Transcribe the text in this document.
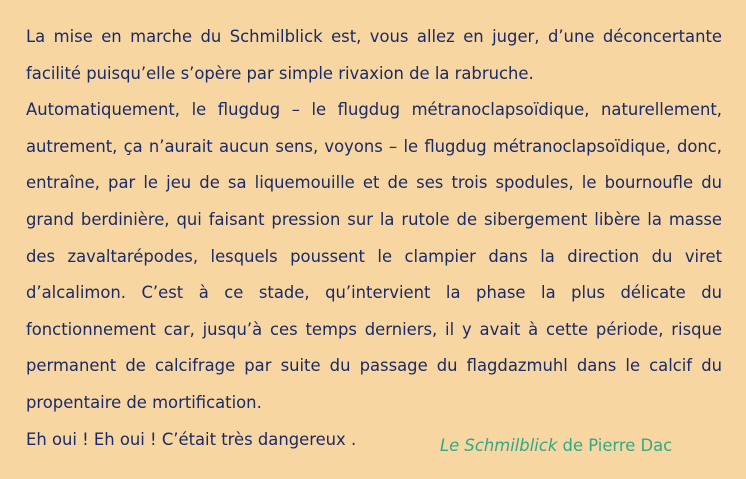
La mise en marche du Schmilblick est, vous allez en juger, d’une déconcertante facilité puisqu’elle s’opère par simple rivaxion de la rabruche.

Automatiquement, le flugdug – le flugdug métranoclapsoïdique, naturellement, autrement, ça n’aurait aucun sens, voyons – le flugdug métranoclapsoïdique, donc, entraîne, par le jeu de sa liquemouille et de ses trois spodules, le bournoufle du grand berdinière, qui faisant pression sur la rutole de sibergement libère la masse des zavaltarépodes, lesquels poussent le clampier dans la direction du viret d’alcalimon. C’est à ce stade, qu’intervient la phase la plus délicate du fonctionnement car, jusqu’à ces temps derniers, il y avait à cette période, risque permanent de calcifrage par suite du passage du flagdazmuhl dans le calcif du propentaire de mortification.

Eh oui ! Eh oui ! C’était très dangereux .	Le Schmilblick de Pierre Dac
